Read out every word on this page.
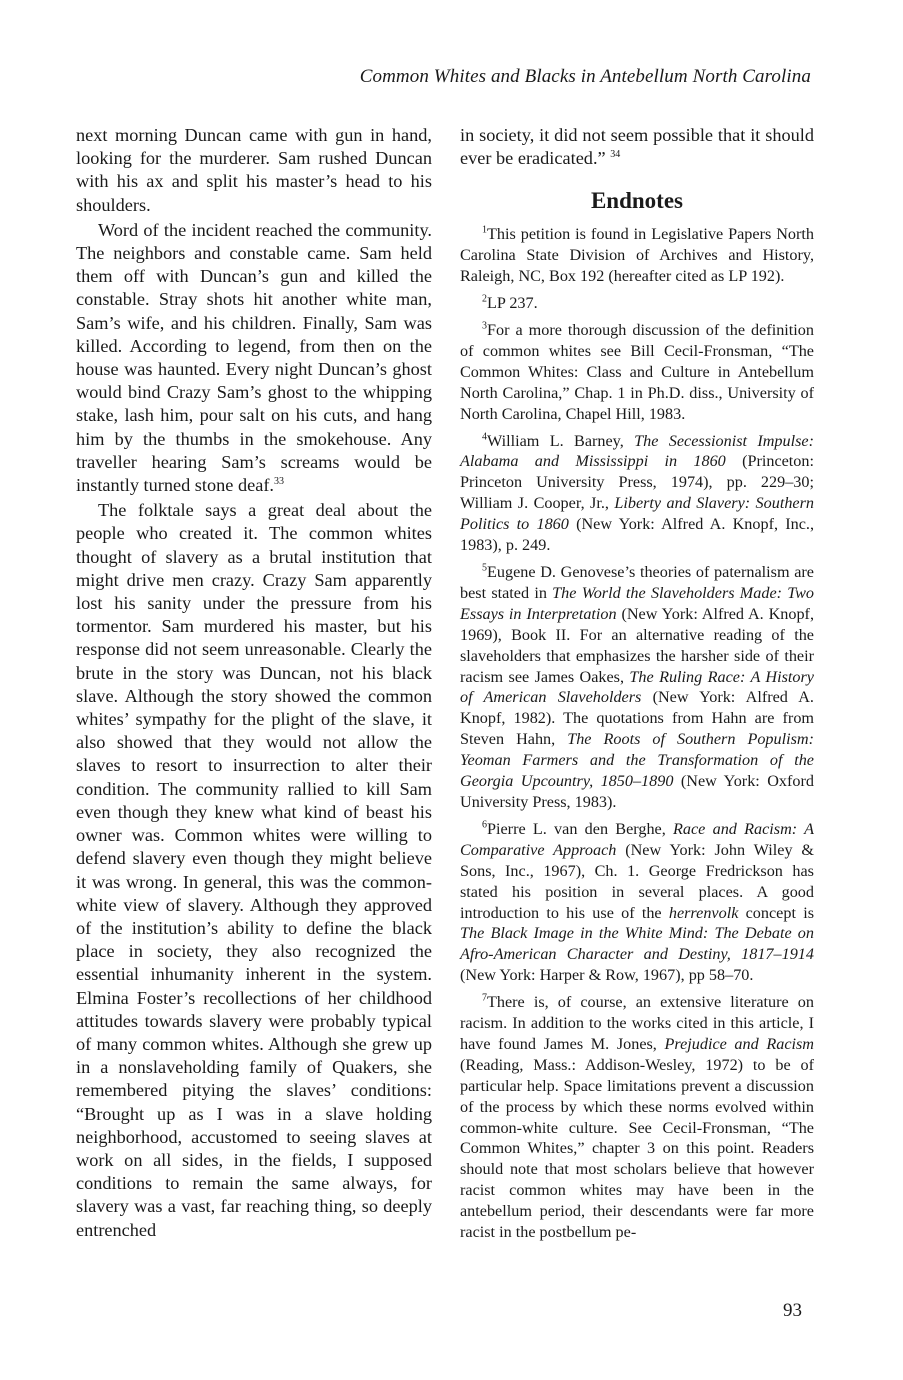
Common Whites and Blacks in Antebellum North Carolina

next morning Duncan came with gun in hand, looking for the murderer. Sam rushed Duncan with his ax and split his master’s head to his shoulders.

Word of the incident reached the community. The neighbors and constable came. Sam held them off with Duncan’s gun and killed the constable. Stray shots hit another white man, Sam’s wife, and his children. Finally, Sam was killed. According to legend, from then on the house was haunted. Every night Duncan’s ghost would bind Crazy Sam’s ghost to the whipping stake, lash him, pour salt on his cuts, and hang him by the thumbs in the smokehouse. Any traveller hearing Sam’s screams would be instantly turned stone deaf.$^{33}$

The folktale says a great deal about the people who created it. The common whites thought of slavery as a brutal institution that might drive men crazy. Crazy Sam apparently lost his sanity under the pressure from his tormentor. Sam murdered his master, but his response did not seem unreasonable. Clearly the brute in the story was Duncan, not his black slave. Although the story showed the common whites’ sympathy for the plight of the slave, it also showed that they would not allow the slaves to resort to insurrection to alter their condition. The community rallied to kill Sam even though they knew what kind of beast his owner was. Common whites were willing to defend slavery even though they might believe it was wrong. In general, this was the common-white view of slavery. Although they approved of the institution’s ability to define the black place in society, they also recognized the essential inhumanity inherent in the system. Elmina Foster’s recollections of her childhood attitudes towards slavery were probably typical of many common whites. Although she grew up in a nonslaveholding family of Quakers, she remembered pitying the slaves’ conditions: “Brought up as I was in a slave holding neighborhood, accustomed to seeing slaves at work on all sides, in the fields, I supposed conditions to remain the same always, for slavery was a vast, far reaching thing, so deeply entrenched

in society, it did not seem possible that it should ever be eradicated.” $^{34}$

Endnotes

$^1$This petition is found in Legislative Papers North Carolina State Division of Archives and History, Raleigh, NC, Box 192 (hereafter cited as LP 192).

$^2$LP 237.

$^3$For a more thorough discussion of the definition of common whites see Bill Cecil-Fronsman, “The Common Whites: Class and Culture in Antebellum North Carolina,” Chap. 1 in Ph.D. diss., University of North Carolina, Chapel Hill, 1983.

$^4$William L. Barney, The Secessionist Impulse: Alabama and Mississippi in 1860 (Princeton: Princeton University Press, 1974), pp. 229–30; William J. Cooper, Jr., Liberty and Slavery: Southern Politics to 1860 (New York: Alfred A. Knopf, Inc., 1983), p. 249.

$^5$Eugene D. Genovese’s theories of paternalism are best stated in The World the Slaveholders Made: Two Essays in Interpretation (New York: Alfred A. Knopf, 1969), Book II. For an alternative reading of the slaveholders that emphasizes the harsher side of their racism see James Oakes, The Ruling Race: A History of American Slaveholders (New York: Alfred A. Knopf, 1982). The quotations from Hahn are from Steven Hahn, The Roots of Southern Populism: Yeoman Farmers and the Transformation of the Georgia Upcountry, 1850–1890 (New York: Oxford University Press, 1983).

$^6$Pierre L. van den Berghe, Race and Racism: A Comparative Approach (New York: John Wiley & Sons, Inc., 1967), Ch. 1. George Fredrickson has stated his position in several places. A good introduction to his use of the herrenvolk concept is The Black Image in the White Mind: The Debate on Afro-American Character and Destiny, 1817–1914 (New York: Harper & Row, 1967), pp 58–70.

$^7$There is, of course, an extensive literature on racism. In addition to the works cited in this article, I have found James M. Jones, Prejudice and Racism (Reading, Mass.: Addison-Wesley, 1972) to be of particular help. Space limitations prevent a discussion of the process by which these norms evolved within common-white culture. See Cecil-Fronsman, “The Common Whites,” chapter 3 on this point. Readers should note that most scholars believe that however racist common whites may have been in the antebellum period, their descendants were far more racist in the postbellum pe-

93
